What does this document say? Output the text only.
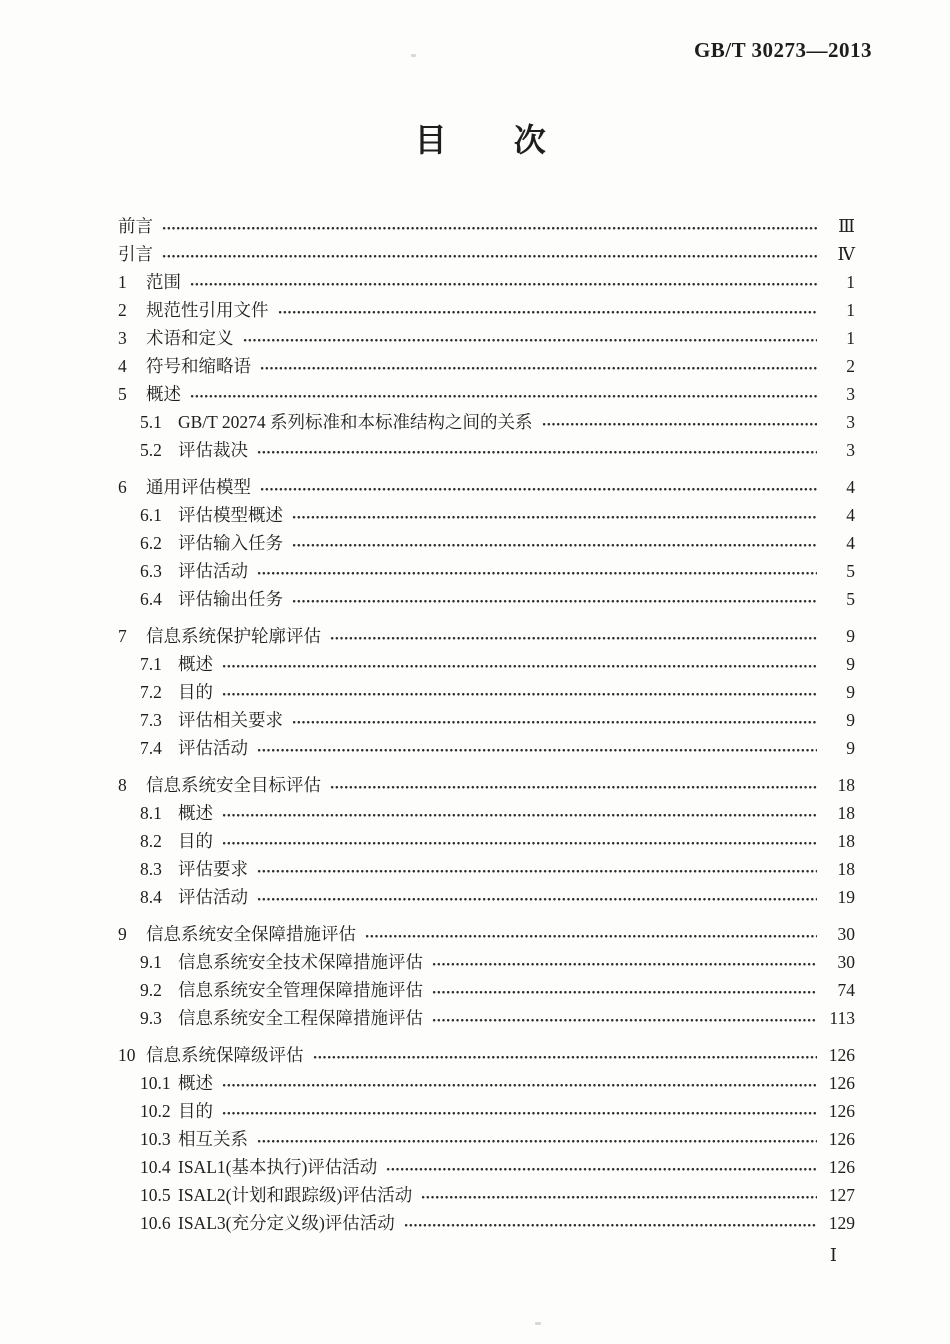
GB/T 30273—2013
目　次
前言	Ⅲ
引言	Ⅳ
1	范围	1
2	规范性引用文件	1
3	术语和定义	1
4	符号和缩略语	2
5	概述	3
5.1 GB/T 20274 系列标准和本标准结构之间的关系	3
5.2 评估裁决	3
6	通用评估模型	4
6.1 评估模型概述	4
6.2 评估输入任务	4
6.3 评估活动	5
6.4 评估输出任务	5
7	信息系统保护轮廓评估	9
7.1 概述	9
7.2 目的	9
7.3 评估相关要求	9
7.4 评估活动	9
8	信息系统安全目标评估	18
8.1 概述	18
8.2 目的	18
8.3 评估要求	18
8.4 评估活动	19
9	信息系统安全保障措施评估	30
9.1 信息系统安全技术保障措施评估	30
9.2 信息系统安全管理保障措施评估	74
9.3 信息系统安全工程保障措施评估	113
10 信息系统保障级评估	126
10.1 概述	126
10.2 目的	126
10.3 相互关系	126
10.4 ISAL1(基本执行)评估活动	126
10.5 ISAL2(计划和跟踪级)评估活动	127
10.6 ISAL3(充分定义级)评估活动	129
Ⅰ
